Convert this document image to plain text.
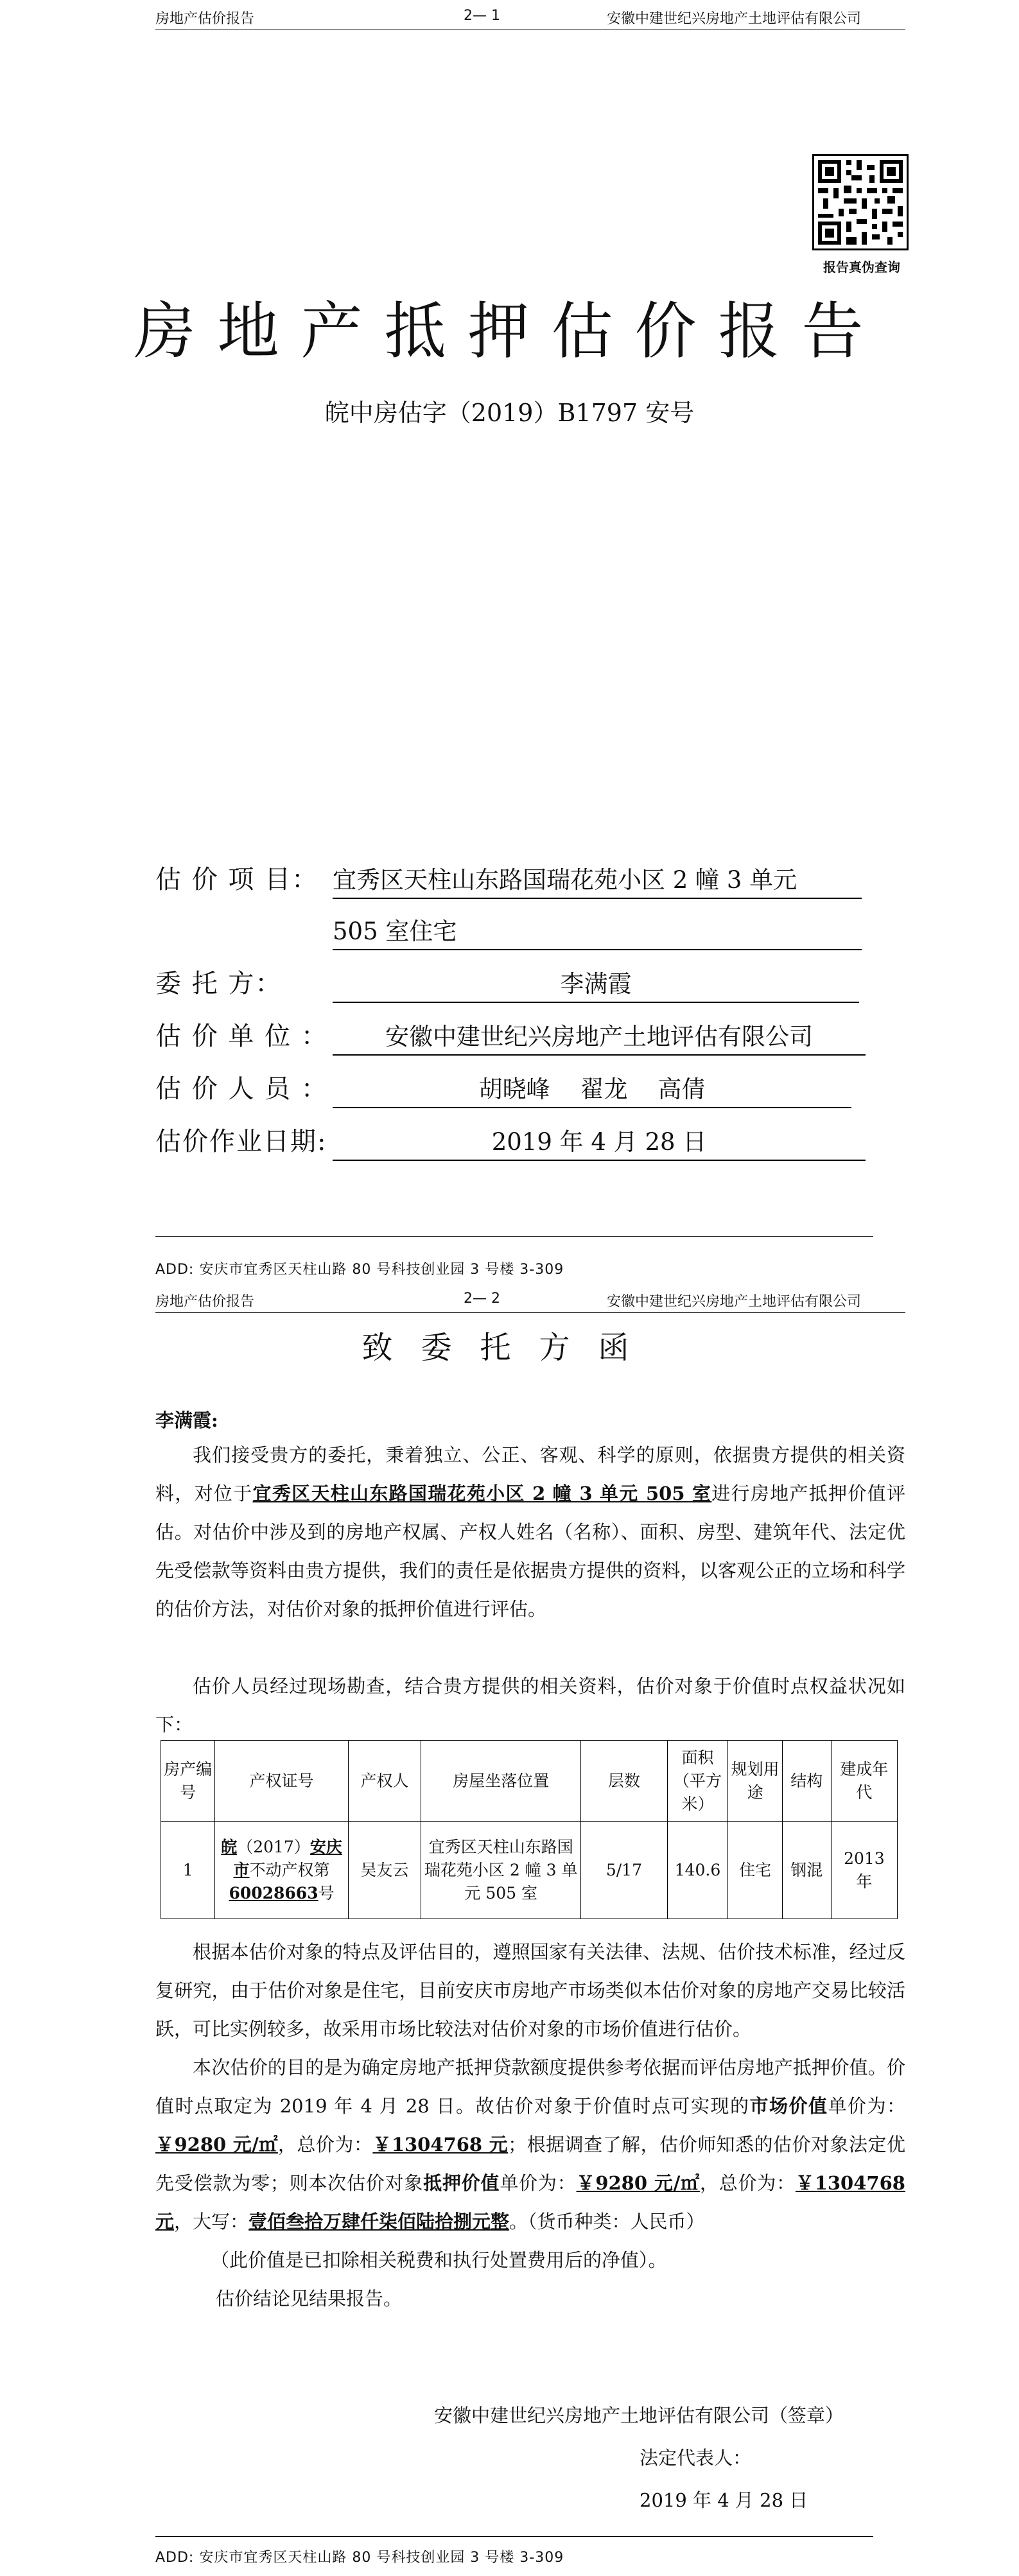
房地产估价报告	2— 1	安徽中建世纪兴房地产土地评估有限公司
报告真伪查询
房地产抵押估价报告
皖中房估字（2019）B1797 安号
估 价 项 目： 宜秀区天柱山东路国瑞花苑小区 2 幢 3 单元
505 室住宅
委 托 方：	李满霞
估 价 单 位 ：	安徽中建世纪兴房地产土地评估有限公司
估 价 人 员 ：	胡晓峰    翟龙    高倩
估价作业日期:	2019 年 4 月 28 日
ADD: 安庆市宜秀区天柱山路 80 号科技创业园 3 号楼 3-309
房地产估价报告	2— 2	安徽中建世纪兴房地产土地评估有限公司
致委托方函
李满霞:
我们接受贵方的委托，秉着独立、公正、客观、科学的原则，依据贵方提供的相关资料，对位于宜秀区天柱山东路国瑞花苑小区 2 幢 3 单元 505 室进行房地产抵押价值评估。对估价中涉及到的房地产权属、产权人姓名（名称）、面积、房型、建筑年代、法定优先受偿款等资料由贵方提供，我们的责任是依据贵方提供的资料，以客观公正的立场和科学的估价方法，对估价对象的抵押价值进行评估。
估价人员经过现场勘查，结合贵方提供的相关资料，估价对象于价值时点权益状况如下：
房产编号	产权证号	产权人	房屋坐落位置	层数	面积（平方米）	规划用途	结构	建成年代
1	皖（2017）安庆市不动产权第60028663号	吴友云	宜秀区天柱山东路国瑞花苑小区 2 幢 3 单元 505 室	5/17	140.6	住宅	钢混	2013 年
根据本估价对象的特点及评估目的，遵照国家有关法律、法规、估价技术标准，经过反复研究，由于估价对象是住宅，目前安庆市房地产市场类似本估价对象的房地产交易比较活跃，可比实例较多，故采用市场比较法对估价对象的市场价值进行估价。
本次估价的目的是为确定房地产抵押贷款额度提供参考依据而评估房地产抵押价值。价值时点取定为 2019 年 4 月 28 日。故估价对象于价值时点可实现的市场价值单价为：￥9280 元/㎡，总价为：￥1304768 元；根据调查了解，估价师知悉的估价对象法定优先受偿款为零；则本次估价对象抵押价值单价为：￥9280 元/㎡，总价为：￥1304768 元，大写：壹佰叁拾万肆仟柒佰陆拾捌元整。（货币种类：人民币）
（此价值是已扣除相关税费和执行处置费用后的净值）。
估价结论见结果报告。
安徽中建世纪兴房地产土地评估有限公司（签章）
法定代表人：
2019 年 4 月 28 日
ADD: 安庆市宜秀区天柱山路 80 号科技创业园 3 号楼 3-309
